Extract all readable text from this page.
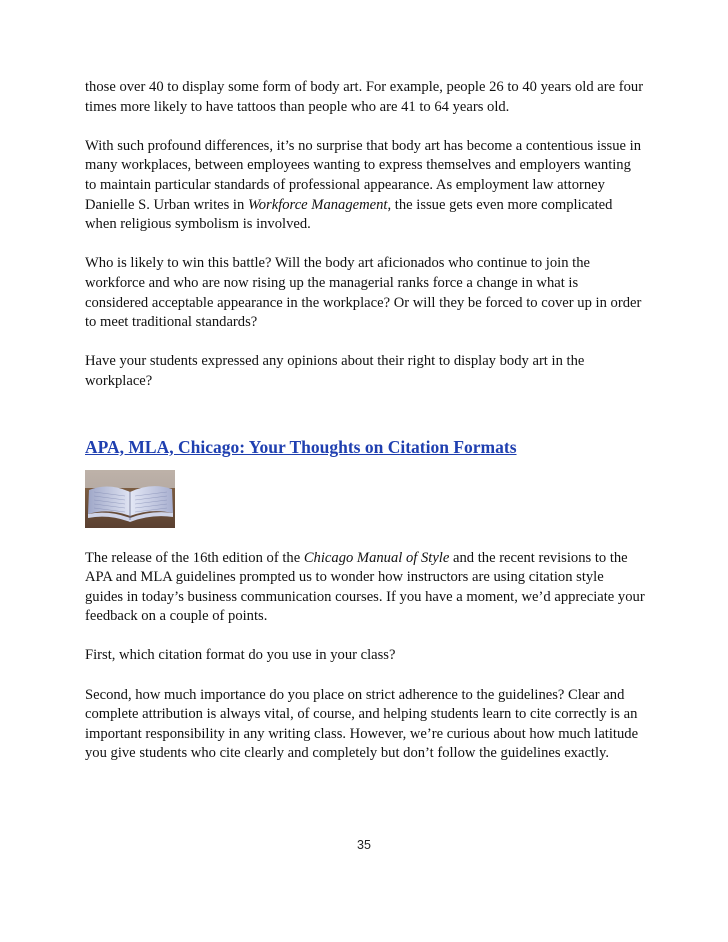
those over 40 to display some form of body art. For example, people 26 to 40 years old are four times more likely to have tattoos than people who are 41 to 64 years old.

With such profound differences, it’s no surprise that body art has become a contentious issue in many workplaces, between employees wanting to express themselves and employers wanting to maintain particular standards of professional appearance. As employment law attorney Danielle S. Urban writes in Workforce Management, the issue gets even more complicated when religious symbolism is involved.

Who is likely to win this battle? Will the body art aficionados who continue to join the workforce and who are now rising up the managerial ranks force a change in what is considered acceptable appearance in the workplace? Or will they be forced to cover up in order to meet traditional standards?

Have your students expressed any opinions about their right to display body art in the workplace?

APA, MLA, Chicago: Your Thoughts on Citation Formats

The release of the 16th edition of the Chicago Manual of Style and the recent revisions to the APA and MLA guidelines prompted us to wonder how instructors are using citation style guides in today’s business communication courses. If you have a moment, we’d appreciate your feedback on a couple of points.

First, which citation format do you use in your class?

Second, how much importance do you place on strict adherence to the guidelines? Clear and complete attribution is always vital, of course, and helping students learn to cite correctly is an important responsibility in any writing class. However, we’re curious about how much latitude you give students who cite clearly and completely but don’t follow the guidelines exactly.

35
